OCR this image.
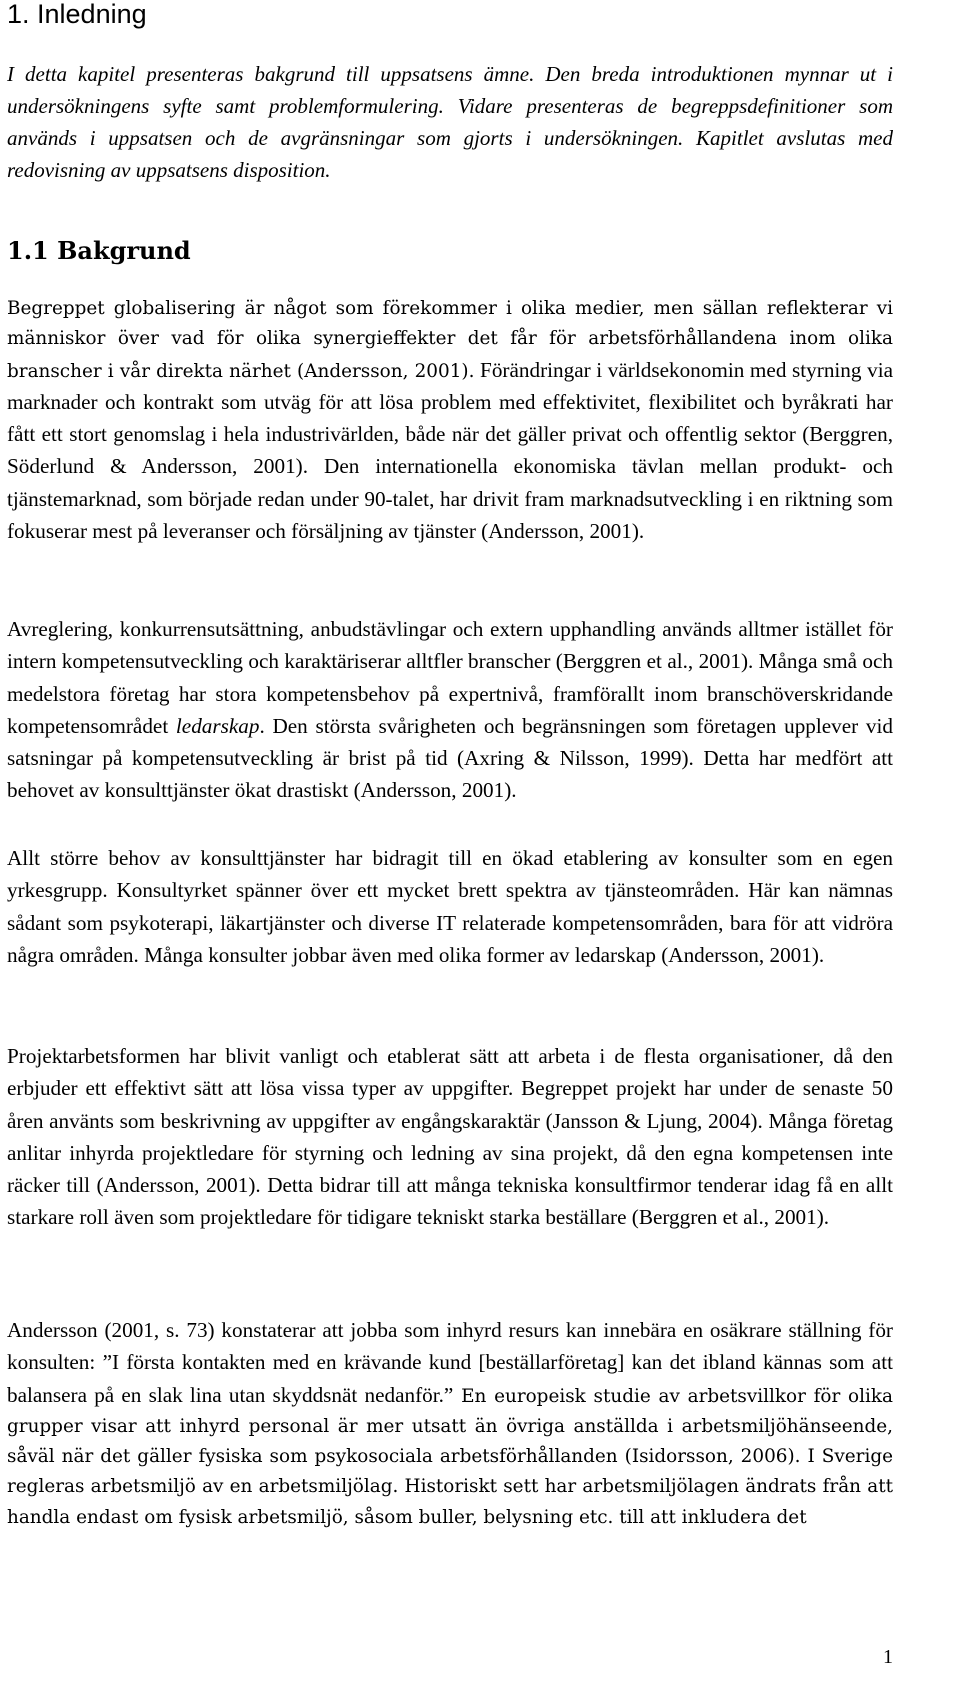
1. Inledning

I detta kapitel presenteras bakgrund till uppsatsens ämne. Den breda introduktionen mynnar ut i undersökningens syfte samt problemformulering. Vidare presenteras de begreppsdefinitioner som används i uppsatsen och de avgränsningar som gjorts i undersökningen. Kapitlet avslutas med redovisning av uppsatsens disposition.

1.1 Bakgrund

Begreppet globalisering är något som förekommer i olika medier, men sällan reflekterar vi människor över vad för olika synergieffekter det får för arbetsförhållandena inom olika branscher i vår direkta närhet (Andersson, 2001). Förändringar i världsekonomin med styrning via marknader och kontrakt som utväg för att lösa problem med effektivitet, flexibilitet och byråkrati har fått ett stort genomslag i hela industrivärlden, både när det gäller privat och offentlig sektor (Berggren, Söderlund & Andersson, 2001). Den internationella ekonomiska tävlan mellan produkt- och tjänstemarknad, som började redan under 90-talet, har drivit fram marknadsutveckling i en riktning som fokuserar mest på leveranser och försäljning av tjänster (Andersson, 2001).

Avreglering, konkurrensutsättning, anbudstävlingar och extern upphandling används alltmer istället för intern kompetensutveckling och karaktäriserar alltfler branscher (Berggren et al., 2001). Många små och medelstora företag har stora kompetensbehov på expertnivå, framförallt inom branschöverskridande kompetensområdet ledarskap. Den största svårigheten och begränsningen som företagen upplever vid satsningar på kompetensutveckling är brist på tid (Axring & Nilsson, 1999). Detta har medfört att behovet av konsulttjänster ökat drastiskt (Andersson, 2001).

Allt större behov av konsulttjänster har bidragit till en ökad etablering av konsulter som en egen yrkesgrupp. Konsultyrket spänner över ett mycket brett spektra av tjänsteområden. Här kan nämnas sådant som psykoterapi, läkartjänster och diverse IT relaterade kompetensområden, bara för att vidröra några områden. Många konsulter jobbar även med olika former av ledarskap (Andersson, 2001).

Projektarbetsformen har blivit vanligt och etablerat sätt att arbeta i de flesta organisationer, då den erbjuder ett effektivt sätt att lösa vissa typer av uppgifter. Begreppet projekt har under de senaste 50 åren använts som beskrivning av uppgifter av engångskaraktär (Jansson & Ljung, 2004). Många företag anlitar inhyrda projektledare för styrning och ledning av sina projekt, då den egna kompetensen inte räcker till (Andersson, 2001). Detta bidrar till att många tekniska konsultfirmor tenderar idag få en allt starkare roll även som projektledare för tidigare tekniskt starka beställare (Berggren et al., 2001).

Andersson (2001, s. 73) konstaterar att jobba som inhyrd resurs kan innebära en osäkrare ställning för konsulten: ”I första kontakten med en krävande kund [beställarföretag] kan det ibland kännas som att balansera på en slak lina utan skyddsnät nedanför.” En europeisk studie av arbetsvillkor för olika grupper visar att inhyrd personal är mer utsatt än övriga anställda i arbetsmiljöhänseende, såväl när det gäller fysiska som psykosociala arbetsförhållanden (Isidorsson, 2006). I Sverige regleras arbetsmiljö av en arbetsmiljölag. Historiskt sett har arbetsmiljölagen ändrats från att handla endast om fysisk arbetsmiljö, såsom buller, belysning etc. till att inkludera det

1
